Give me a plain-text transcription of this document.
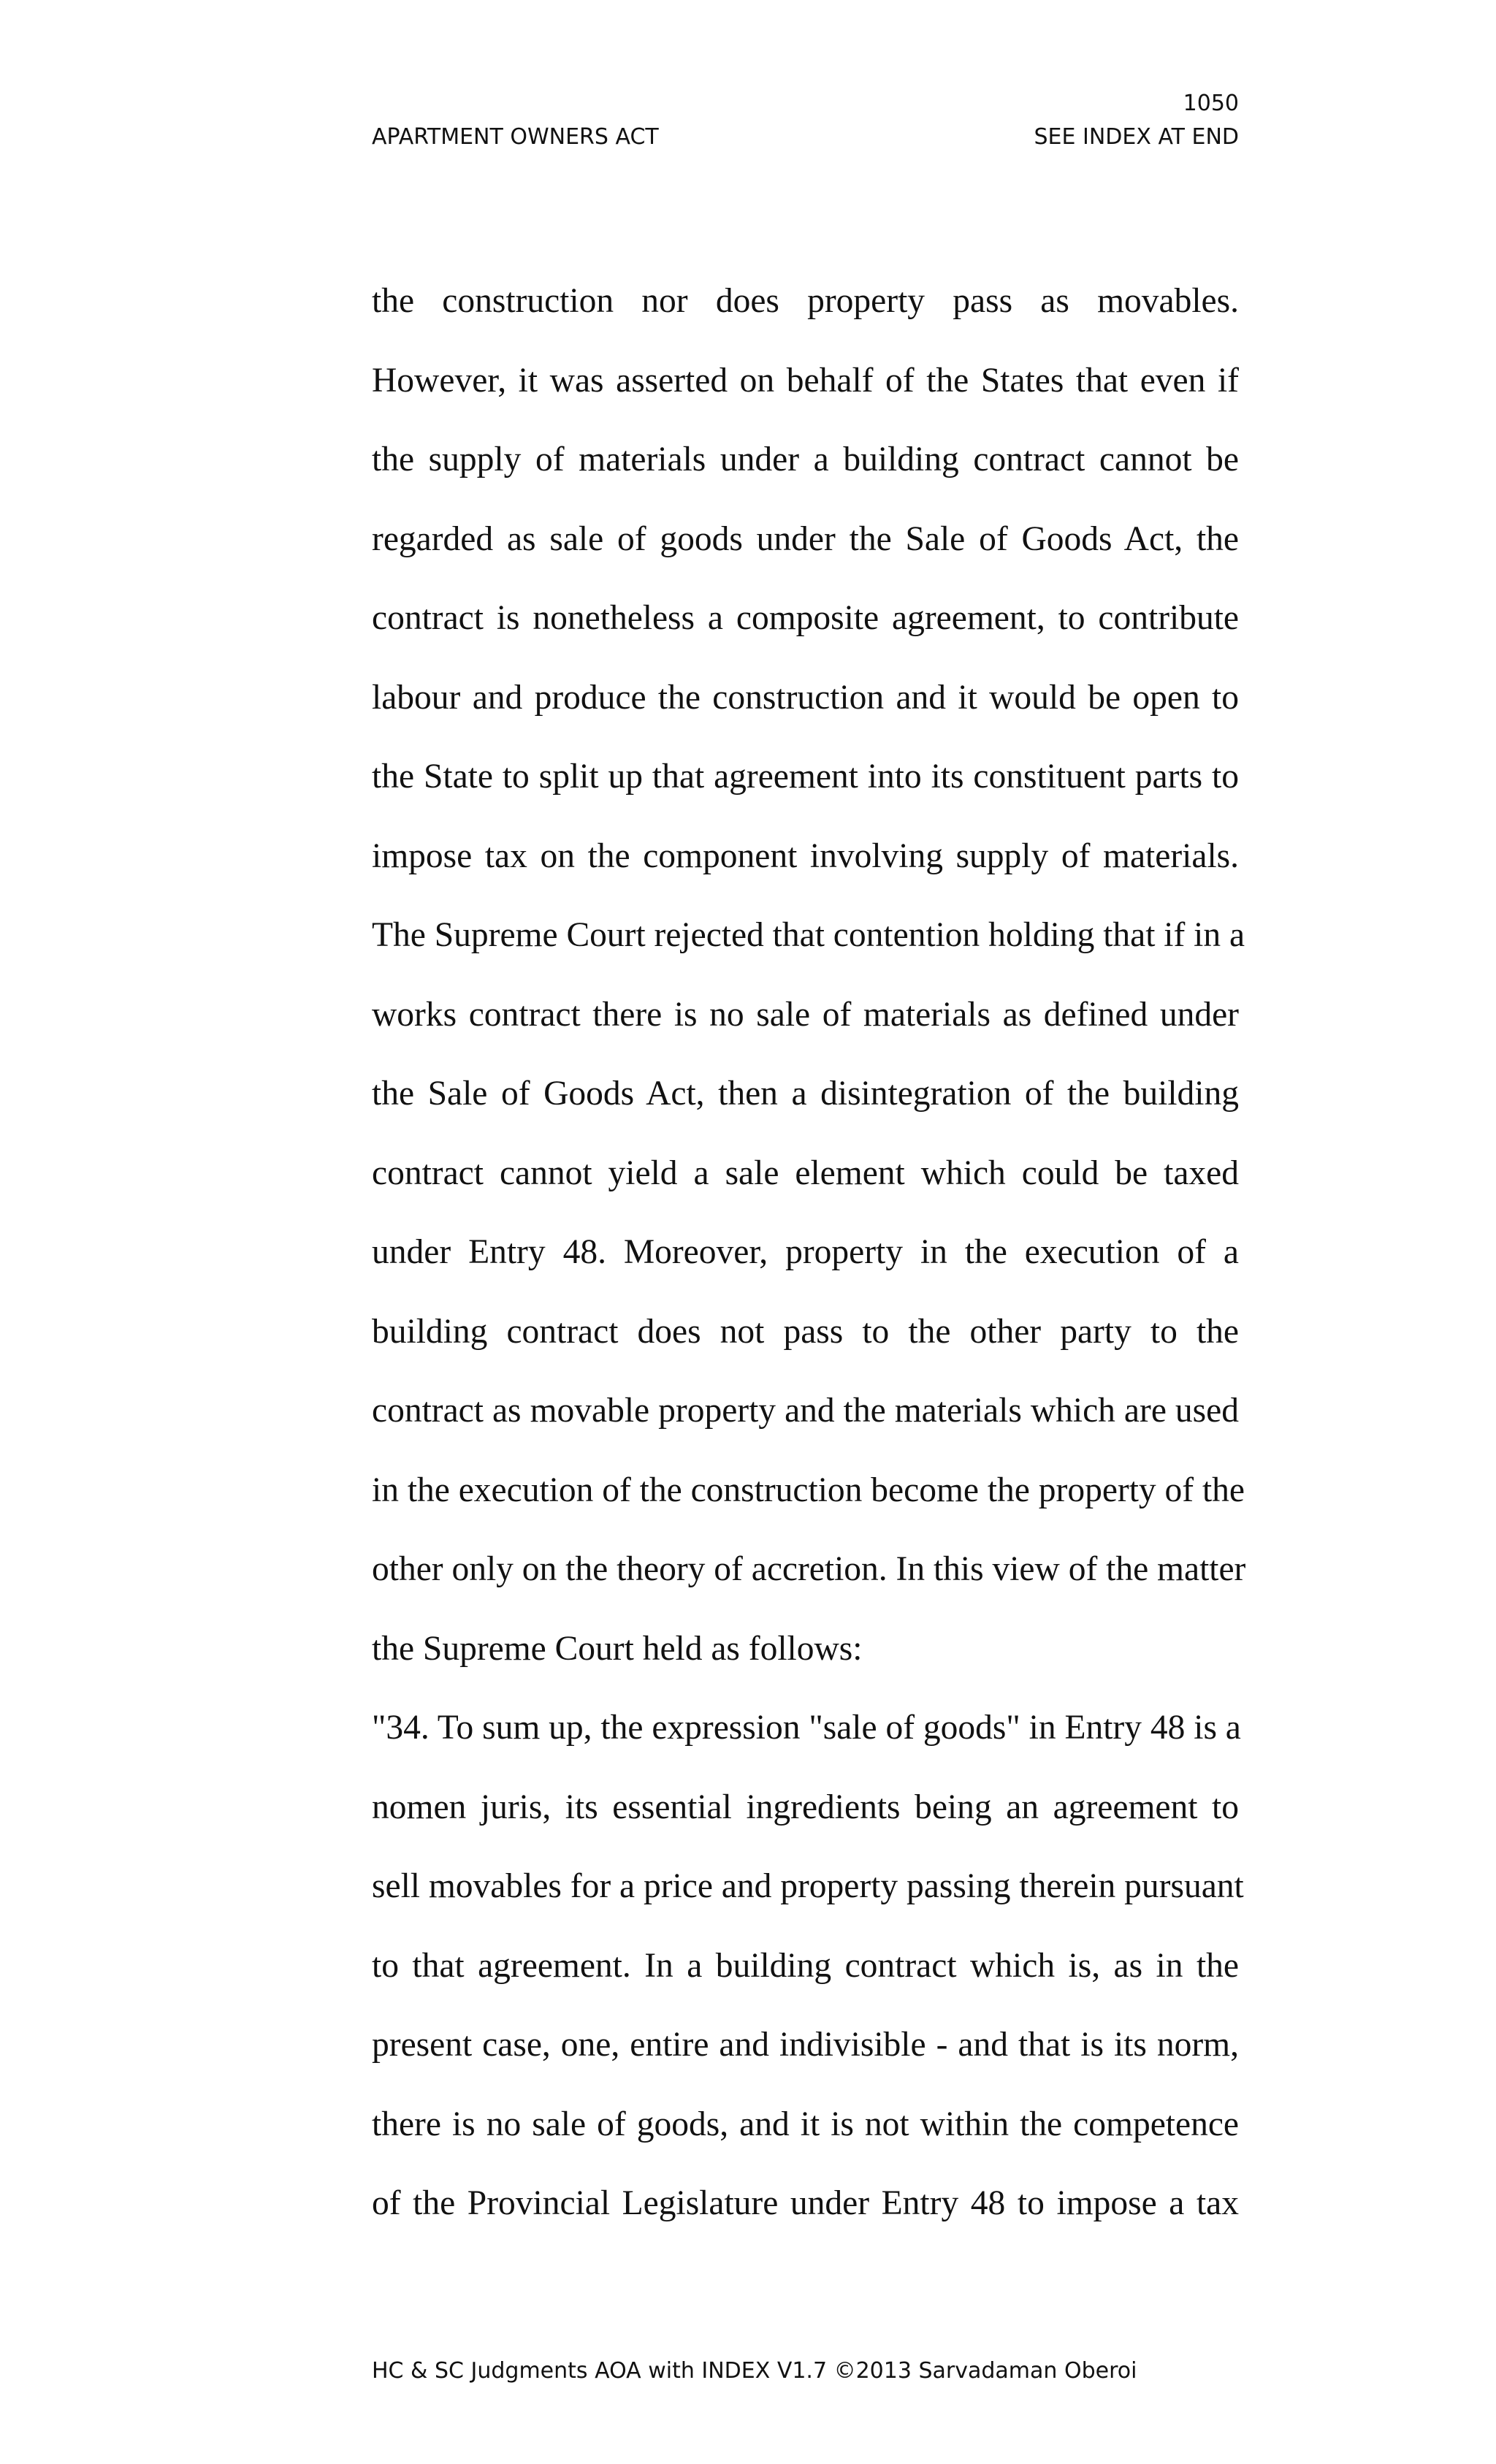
1050
APARTMENT OWNERS ACT	SEE INDEX AT END
the construction nor does property pass as movables.
However, it was asserted on behalf of the States that even if
the supply of materials under a building contract cannot be
regarded as sale of goods under the Sale of Goods Act, the
contract is nonetheless a composite agreement, to contribute
labour and produce the construction and it would be open to
the State to split up that agreement into its constituent parts to
impose tax on the component involving supply of materials.
The Supreme Court rejected that contention holding that if in a
works contract there is no sale of materials as defined under
the Sale of Goods Act, then a disintegration of the building
contract cannot yield a sale element which could be taxed
under Entry 48. Moreover, property in the execution of a
building contract does not pass to the other party to the
contract as movable property and the materials which are used
in the execution of the construction become the property of the
other only on the theory of accretion. In this view of the matter
the Supreme Court held as follows:
"34. To sum up, the expression "sale of goods" in Entry 48 is a
nomen juris, its essential ingredients being an agreement to
sell movables for a price and property passing therein pursuant
to that agreement. In a building contract which is, as in the
present case, one, entire and indivisible - and that is its norm,
there is no sale of goods, and it is not within the competence
of the Provincial Legislature under Entry 48 to impose a tax
HC & SC Judgments AOA with INDEX V1.7 ©2013 Sarvadaman Oberoi
